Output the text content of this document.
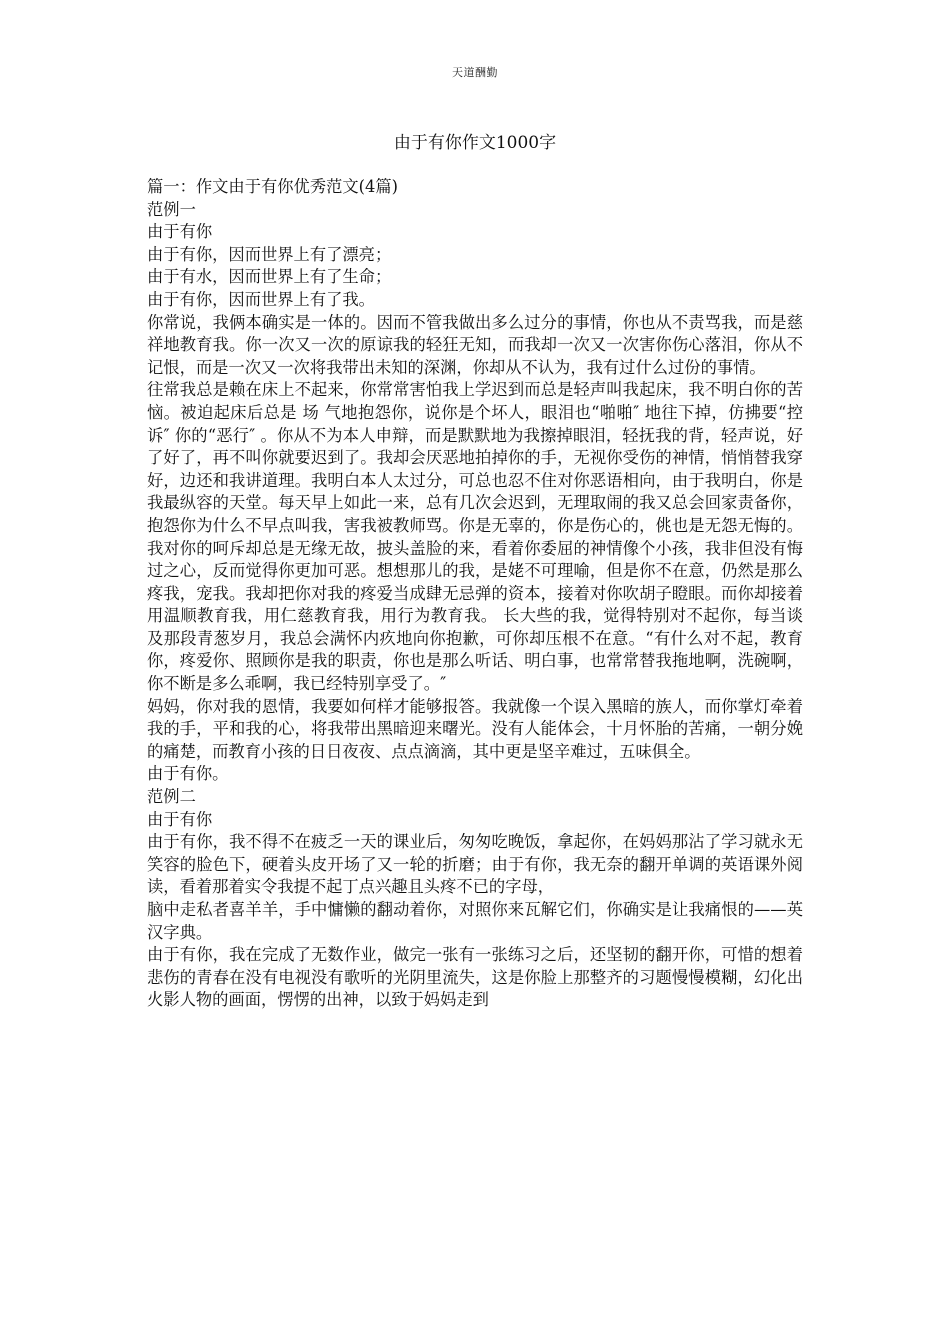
天道酬勤
由于有你作文1000字

篇一：作文由于有你优秀范文(4篇)

范例一

由于有你

由于有你，因而世界上有了漂亮；

由于有水，因而世界上有了生命；

由于有你，因而世界上有了我。

你常说，我俩本确实是一体的。因而不管我做出多么过分的事情，你也从不责骂我，而是慈祥地教育我。你一次又一次的原谅我的轻狂无知，而我却一次又一次害你伤心落泪，你从不记恨，而是一次又一次将我带出未知的深渊，你却从不认为，我有过什么过份的事情。

往常我总是赖在床上不起来，你常常害怕我上学迟到而总是轻声叫我起床，我不明白你的苦恼。被迫起床后总是 场 气地抱怨你，说你是个坏人，眼泪也“啪啪″ 地往下掉，仿拂要“控诉″ 你的“恶行″ 。你从不为本人申辩，而是默默地为我擦掉眼泪，轻抚我的背，轻声说，好了好了，再不叫你就要迟到了。我却会厌恶地拍掉你的手，无视你受伤的神情，悄悄替我穿好，边还和我讲道理。我明白本人太过分，可总也忍不住对你恶语相向，由于我明白，你是我最纵容的天堂。每天早上如此一来，总有几次会迟到，无理取闹的我又总会回家责备你，抱怨你为什么不早点叫我，害我被教师骂。你是无辜的，你是伤心的，佻也是无怨无悔的。我对你的呵斥却总是无缘无故，披头盖脸的来，看着你委屈的神情像个小孩，我非但没有悔过之心，反而觉得你更加可恶。想想那儿的我，是姥不可理喻，但是你不在意，仍然是那么疼我，宠我。我却把你对我的疼爱当成肆无忌弹的资本，接着对你吹胡子瞪眼。而你却接着用温顺教育我，用仁慈教育我，用行为教育我。 长大些的我，觉得特别对不起你，每当谈及那段青葱岁月，我总会满怀内疚地向你抱歉，可你却压根不在意。“有什么对不起，教育你，疼爱你、照顾你是我的职责，你也是那么听话、明白事，也常常替我拖地啊，洗碗啊，你不断是多么乖啊，我已经特别享受了。″

妈妈，你对我的恩情，我要如何样才能够报答。我就像一个误入黑暗的族人，而你掌灯牵着我的手，平和我的心，将我带出黑暗迎来曙光。没有人能体会，十月怀胎的苦痛，一朝分娩的痛楚，而教育小孩的日日夜夜、点点滴滴，其中更是坚辛难过，五味俱全。

由于有你。

范例二

由于有你

由于有你，我不得不在疲乏一天的课业后，匆匆吃晚饭，拿起你，在妈妈那沾了学习就永无笑容的脸色下，硬着头皮开场了又一轮的折磨；由于有你，我无奈的翻开单调的英语课外阅读，看着那着实令我提不起丁点兴趣且头疼不已的字母，

脑中走私者喜羊羊，手中慵懒的翻动着你，对照你来瓦解它们，你确实是让我痛恨的——英汉字典。

由于有你，我在完成了无数作业，做完一张有一张练习之后，还坚韧的翻开你，可惜的想着悲伤的青春在没有电视没有歌听的光阴里流失，这是你脸上那整齐的习题慢慢模糊，幻化出火影人物的画面，愣愣的出神，以致于妈妈走到
